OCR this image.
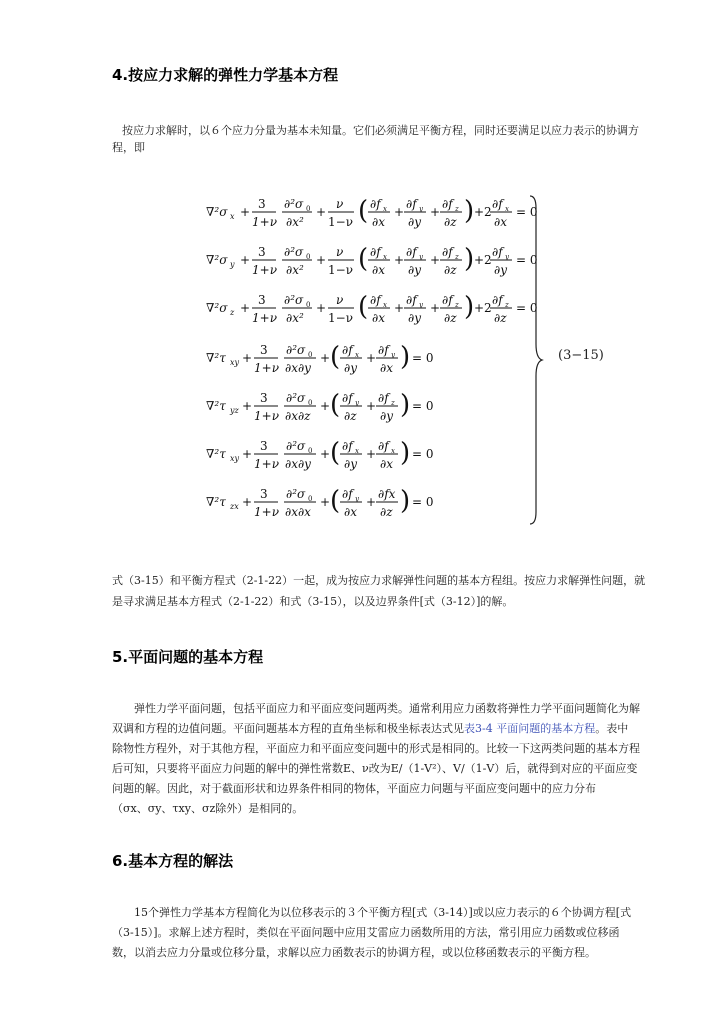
4.按应力求解的弹性力学基本方程
按应力求解时，以６个应力分量为基本未知量。它们必须满足平衡方程，同时还要满足以应力表示的协调方
程，即
∇²σ x +
3
1+ν
∂²σ 0
∂x²
+
ν
1−ν ( ∂f x
∂x
+
∂f y
∂y
+
∂f z
∂z ) +2
∂f x
∂x
= 0
∇²σ y +
3
1+ν
∂²σ 0
∂x²
+
ν
1−ν ( ∂f x
∂x
+
∂f y
∂y
+
∂f z
∂z ) +2
∂f y
∂y
= 0
∇²σ z +
3
1+ν
∂²σ 0
∂x²
+
ν
1−ν ( ∂f x
∂x
+
∂f y
∂y
+
∂f z
∂z ) +2
∂f z
∂z
= 0
∇²τ xy +
3
1+ν
∂²σ 0
∂x∂y
+ ( ∂f x
∂y
+
∂f y
∂x ) = 0
∇²τ yz +
3
1+ν
∂²σ 0
∂x∂z
+ ( ∂f y
∂z
+
∂f z
∂y ) = 0
∇²τ xy +
3
1+ν
∂²σ 0
∂x∂y
+ ( ∂f x
∂y
+
∂f x
∂x ) = 0
∇²τ zx +
3
1+ν
∂²σ 0
∂x∂x
+ ( ∂f y
∂x
+
∂fx
∂z ) = 0
(3−15)
式（3-15）和平衡方程式（2-1-22）一起，成为按应力求解弹性问题的基本方程组。按应力求解弹性问题，就
是寻求满足基本方程式（2-1-22）和式（3-15），以及边界条件[式（3-12）]的解。
5.平面问题的基本方程
弹性力学平面问题，包括平面应力和平面应变问题两类。通常利用应力函数将弹性力学平面问题简化为解
双调和方程的边值问题。平面问题基本方程的直角坐标和极坐标表达式见表3-4 平面问题的基本方程。表中
除物性方程外，对于其他方程，平面应力和平面应变问题中的形式是相同的。比较一下这两类问题的基本方程
后可知，只要将平面应力问题的解中的弹性常数E、ν改为E/（1-V²）、V/（1-V）后，就得到对应的平面应变
问题的解。因此，对于截面形状和边界条件相同的物体，平面应力问题与平面应变问题中的应力分布
（σx、σy、τxy、σz除外）是相同的。
6.基本方程的解法
15个弹性力学基本方程简化为以位移表示的３个平衡方程[式（3-14）]或以应力表示的６个协调方程[式
（3-15）]。求解上述方程时，类似在平面问题中应用艾雷应力函数所用的方法，常引用应力函数或位移函
数，以消去应力分量或位移分量，求解以应力函数表示的协调方程，或以位移函数表示的平衡方程。
